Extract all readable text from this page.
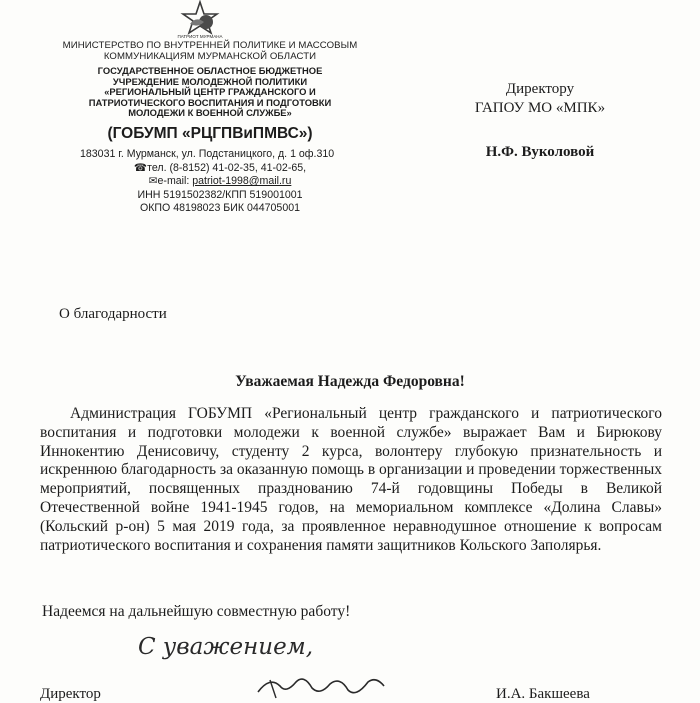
ПАТРИОТ МУРМАНА
МИНИСТЕРСТВО ПО ВНУТРЕННЕЙ ПОЛИТИКЕ И МАССОВЫМ
КОММУНИКАЦИЯМ МУРМАНСКОЙ ОБЛАСТИ
ГОСУДАРСТВЕННОЕ ОБЛАСТНОЕ БЮДЖЕТНОЕ
УЧРЕЖДЕНИЕ МОЛОДЕЖНОЙ ПОЛИТИКИ
«РЕГИОНАЛЬНЫЙ ЦЕНТР ГРАЖДАНСКОГО И
ПАТРИОТИЧЕСКОГО ВОСПИТАНИЯ И ПОДГОТОВКИ
МОЛОДЕЖИ К ВОЕННОЙ СЛУЖБЕ»
(ГОБУМП «РЦГПВиПМВС»)
183031 г. Мурманск, ул. Подстаницкого, д. 1 оф.310
☎тел. (8-8152) 41-02-35, 41-02-65,
✉e-mail: patriot-1998@mail.ru
ИНН 5191502382/КПП 519001001
ОКПО 48198023 БИК 044705001
Директору
ГАПОУ МО «МПК»
Н.Ф. Вуколовой
О благодарности
Уважаемая Надежда Федоровна!

Администрация ГОБУМП «Региональный центр гражданского и патриотического воспитания и подготовки молодежи к военной службе» выражает Вам и Бирюкову Иннокентию Денисовичу, студенту 2 курса, волонтеру глубокую признательность и искреннюю благодарность за оказанную помощь в организации и проведении торжественных мероприятий, посвященных празднованию 74-й годовщины Победы в Великой Отечественной войне 1941-1945 годов, на мемориальном комплексе «Долина Славы» (Кольский р-он) 5 мая 2019 года, за проявленное неравнодушное отношение к вопросам патриотического воспитания и сохранения памяти защитников Кольского Заполярья.

Надеемся на дальнейшую совместную работу!
С уважением,
Директор	И.А. Бакшеева
